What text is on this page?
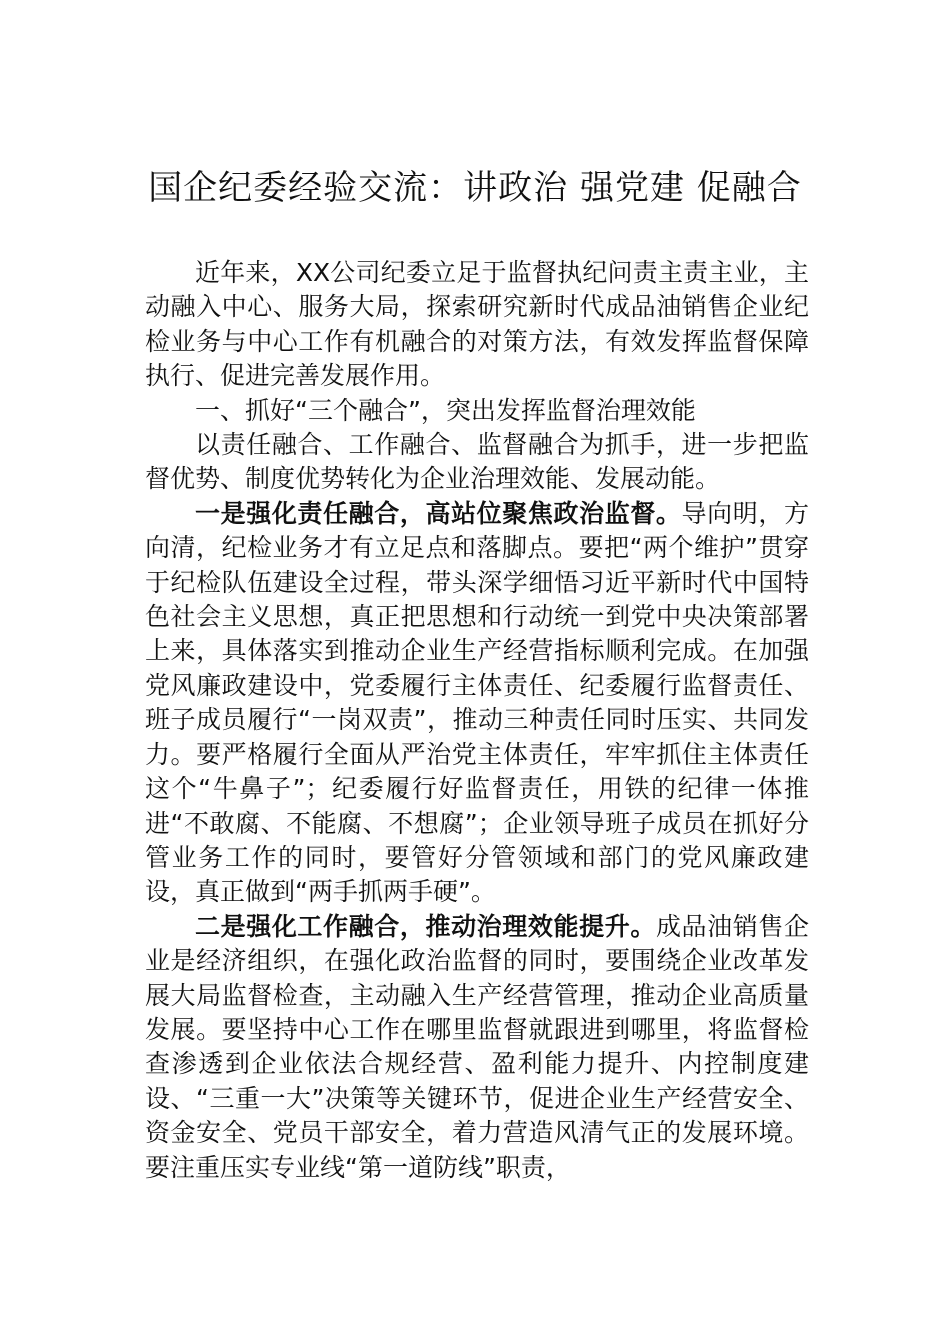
国企纪委经验交流：讲政治 强党建 促融合

近年来，XX公司纪委立足于监督执纪问责主责主业，主动融入中心、服务大局，探索研究新时代成品油销售企业纪检业务与中心工作有机融合的对策方法，有效发挥监督保障执行、促进完善发展作用。

一、抓好“三个融合”，突出发挥监督治理效能

以责任融合、工作融合、监督融合为抓手，进一步把监督优势、制度优势转化为企业治理效能、发展动能。

一是强化责任融合，高站位聚焦政治监督。导向明，方向清，纪检业务才有立足点和落脚点。要把“两个维护”贯穿于纪检队伍建设全过程，带头深学细悟习近平新时代中国特色社会主义思想，真正把思想和行动统一到党中央决策部署上来，具体落实到推动企业生产经营指标顺利完成。在加强党风廉政建设中，党委履行主体责任、纪委履行监督责任、班子成员履行“一岗双责”，推动三种责任同时压实、共同发力。要严格履行全面从严治党主体责任，牢牢抓住主体责任这个“牛鼻子”；纪委履行好监督责任，用铁的纪律一体推进“不敢腐、不能腐、不想腐”；企业领导班子成员在抓好分管业务工作的同时，要管好分管领域和部门的党风廉政建设，真正做到“两手抓两手硬”。

二是强化工作融合，推动治理效能提升。成品油销售企业是经济组织，在强化政治监督的同时，要围绕企业改革发展大局监督检查，主动融入生产经营管理，推动企业高质量发展。要坚持中心工作在哪里监督就跟进到哪里，将监督检查渗透到企业依法合规经营、盈利能力提升、内控制度建设、“三重一大”决策等关键环节，促进企业生产经营安全、资金安全、党员干部安全，着力营造风清气正的发展环境。要注重压实专业线“第一道防线”职责，
